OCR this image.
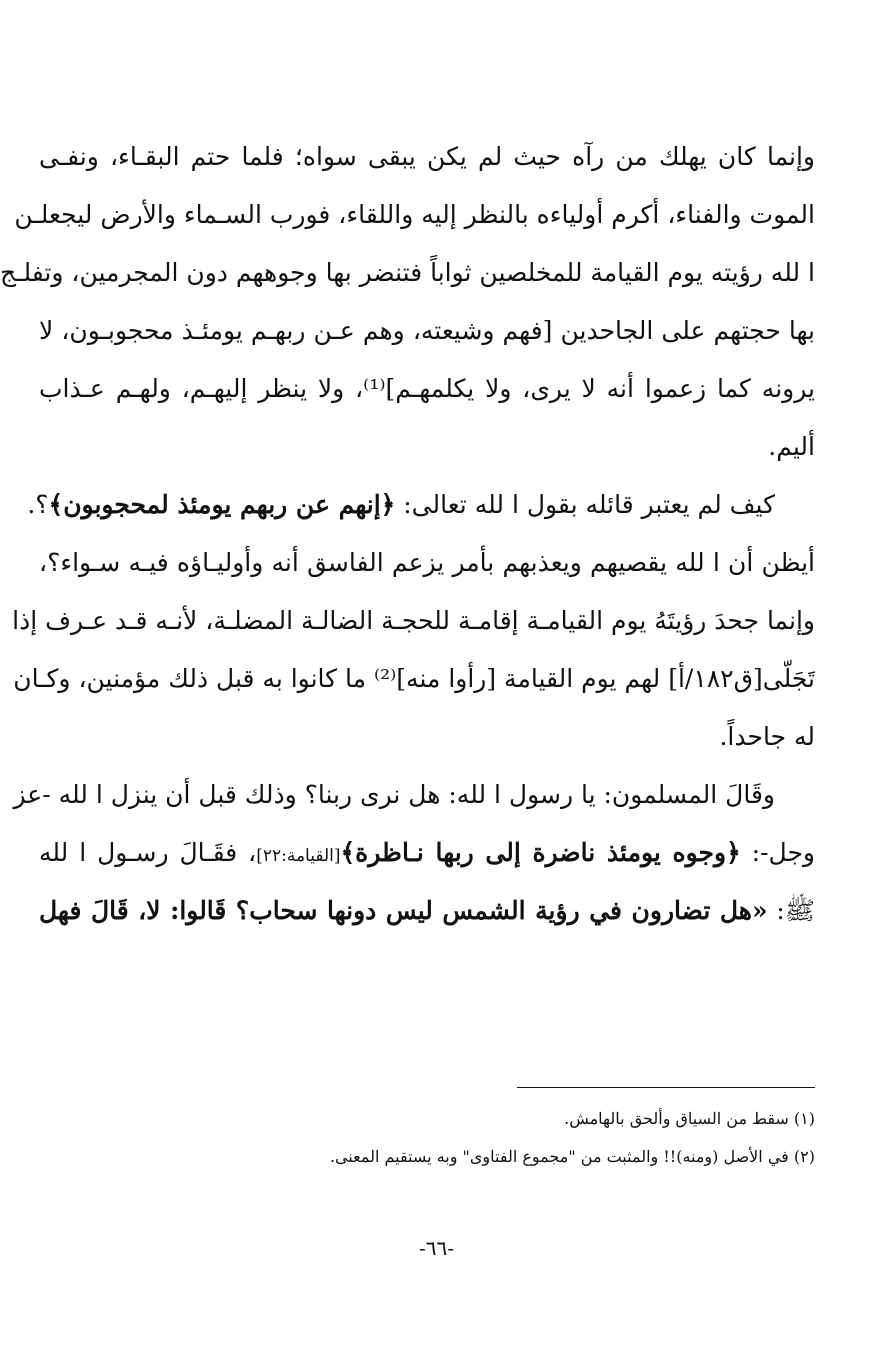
وإنما كان يهلك من رآه حيث لم يكن يبقى سواه؛ فلما حتم البقـاء، ونفـى
الموت والفناء، أكرم أولياءه بالنظر إليه واللقاء، فورب السـماء والأرض ليجعلـن
ا لله رؤيته يوم القيامة للمخلصين ثواباً فتنضر بها وجوههم دون المجرمين، وتفلـج
بها حجتهم على الجاحدين [فهم وشيعته، وهم عـن ربهـم يومئـذ محجوبـون، لا
يرونه كما زعموا أنه لا يرى، ولا يكلمهـم]⁽¹⁾، ولا ينظر إليهـم، ولهـم عـذاب
أليم.
كيف لم يعتبر قائله بقول ا لله تعالى: ﴿إنهم عن ربهم يومئذ لمحجوبون﴾؟.
أيظن أن ا لله يقصيهم ويعذبهم بأمر يزعم الفاسق أنه وأوليـاؤه فيـه سـواء؟،
وإنما جحدَ رؤيتَهُ يوم القيامـة إقامـة للحجـة الضالـة المضلـة، لأنـه قـد عـرف إذا
تَجَلّى[ق١٨٢/أ] لهم يوم القيامة [رأوا منه]⁽²⁾ ما كانوا به قبل ذلك مؤمنين، وكـان
له جاحداً.
وقَالَ المسلمون: يا رسول ا لله: هل نرى ربنا؟ وذلك قبل أن ينزل ا لله -عز
وجل-: ﴿وجوه يومئذ ناضرة إلى ربها نـاظرة﴾[القيامة:٢٢]، فقَـالَ رسـول ا لله
ﷺ: «هل تضارون في رؤية الشمس ليس دونها سحاب؟ قَالوا: لا، قَالَ فهل
(١) سقط من السياق وألحق بالهامش.
(٢) في الأصل (ومنه)!! والمثبت من "مجموع الفتاوى" وبه يستقيم المعنى.
-٦٦-
